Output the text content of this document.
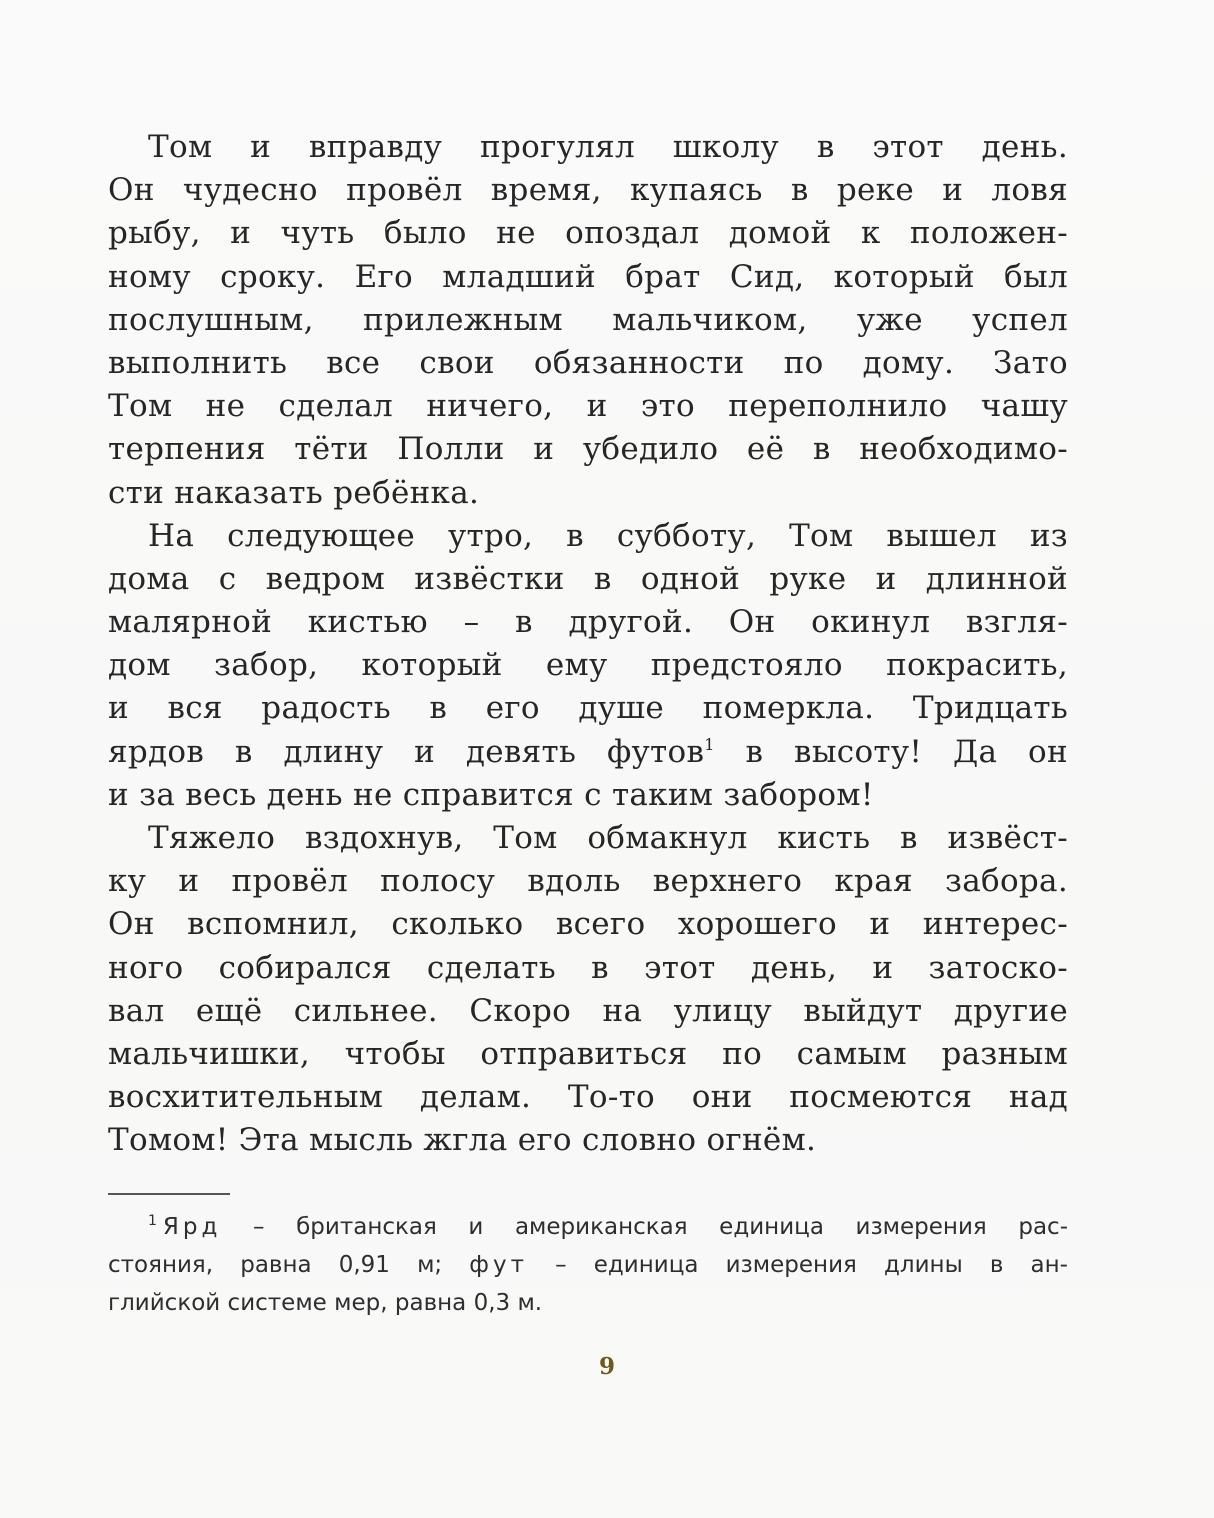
Том и вправду прогулял школу в этот день.
Он чудесно провёл время, купаясь в реке и ловя
рыбу, и чуть было не опоздал домой к положен-
ному сроку. Его младший брат Сид, который был
послушным, прилежным мальчиком, уже успел
выполнить все свои обязанности по дому. Зато
Том не сделал ничего, и это переполнило чашу
терпения тёти Полли и убедило её в необходимо-
сти наказать ребёнка.
На следующее утро, в субботу, Том вышел из
дома с ведром извёстки в одной руке и длинной
малярной кистью – в другой. Он окинул взгля-
дом забор, который ему предстояло покрасить,
и вся радость в его душе померкла. Тридцать
ярдов в длину и девять футов$^1$ в высоту! Да он
и за весь день не справится с таким забором!
Тяжело вздохнув, Том обмакнул кисть в извёст-
ку и провёл полосу вдоль верхнего края забора.
Он вспомнил, сколько всего хорошего и интерес-
ного собирался сделать в этот день, и затоско-
вал ещё сильнее. Скоро на улицу выйдут другие
мальчишки, чтобы отправиться по самым разным
восхитительным делам. То-то они посмеются над
Томом! Эта мысль жгла его словно огнём.
$^1$ Ярд – британская и американская единица измерения рас-
стояния, равна 0,91 м; фут – единица измерения длины в ан-
глийской системе мер, равна 0,3 м.
9
